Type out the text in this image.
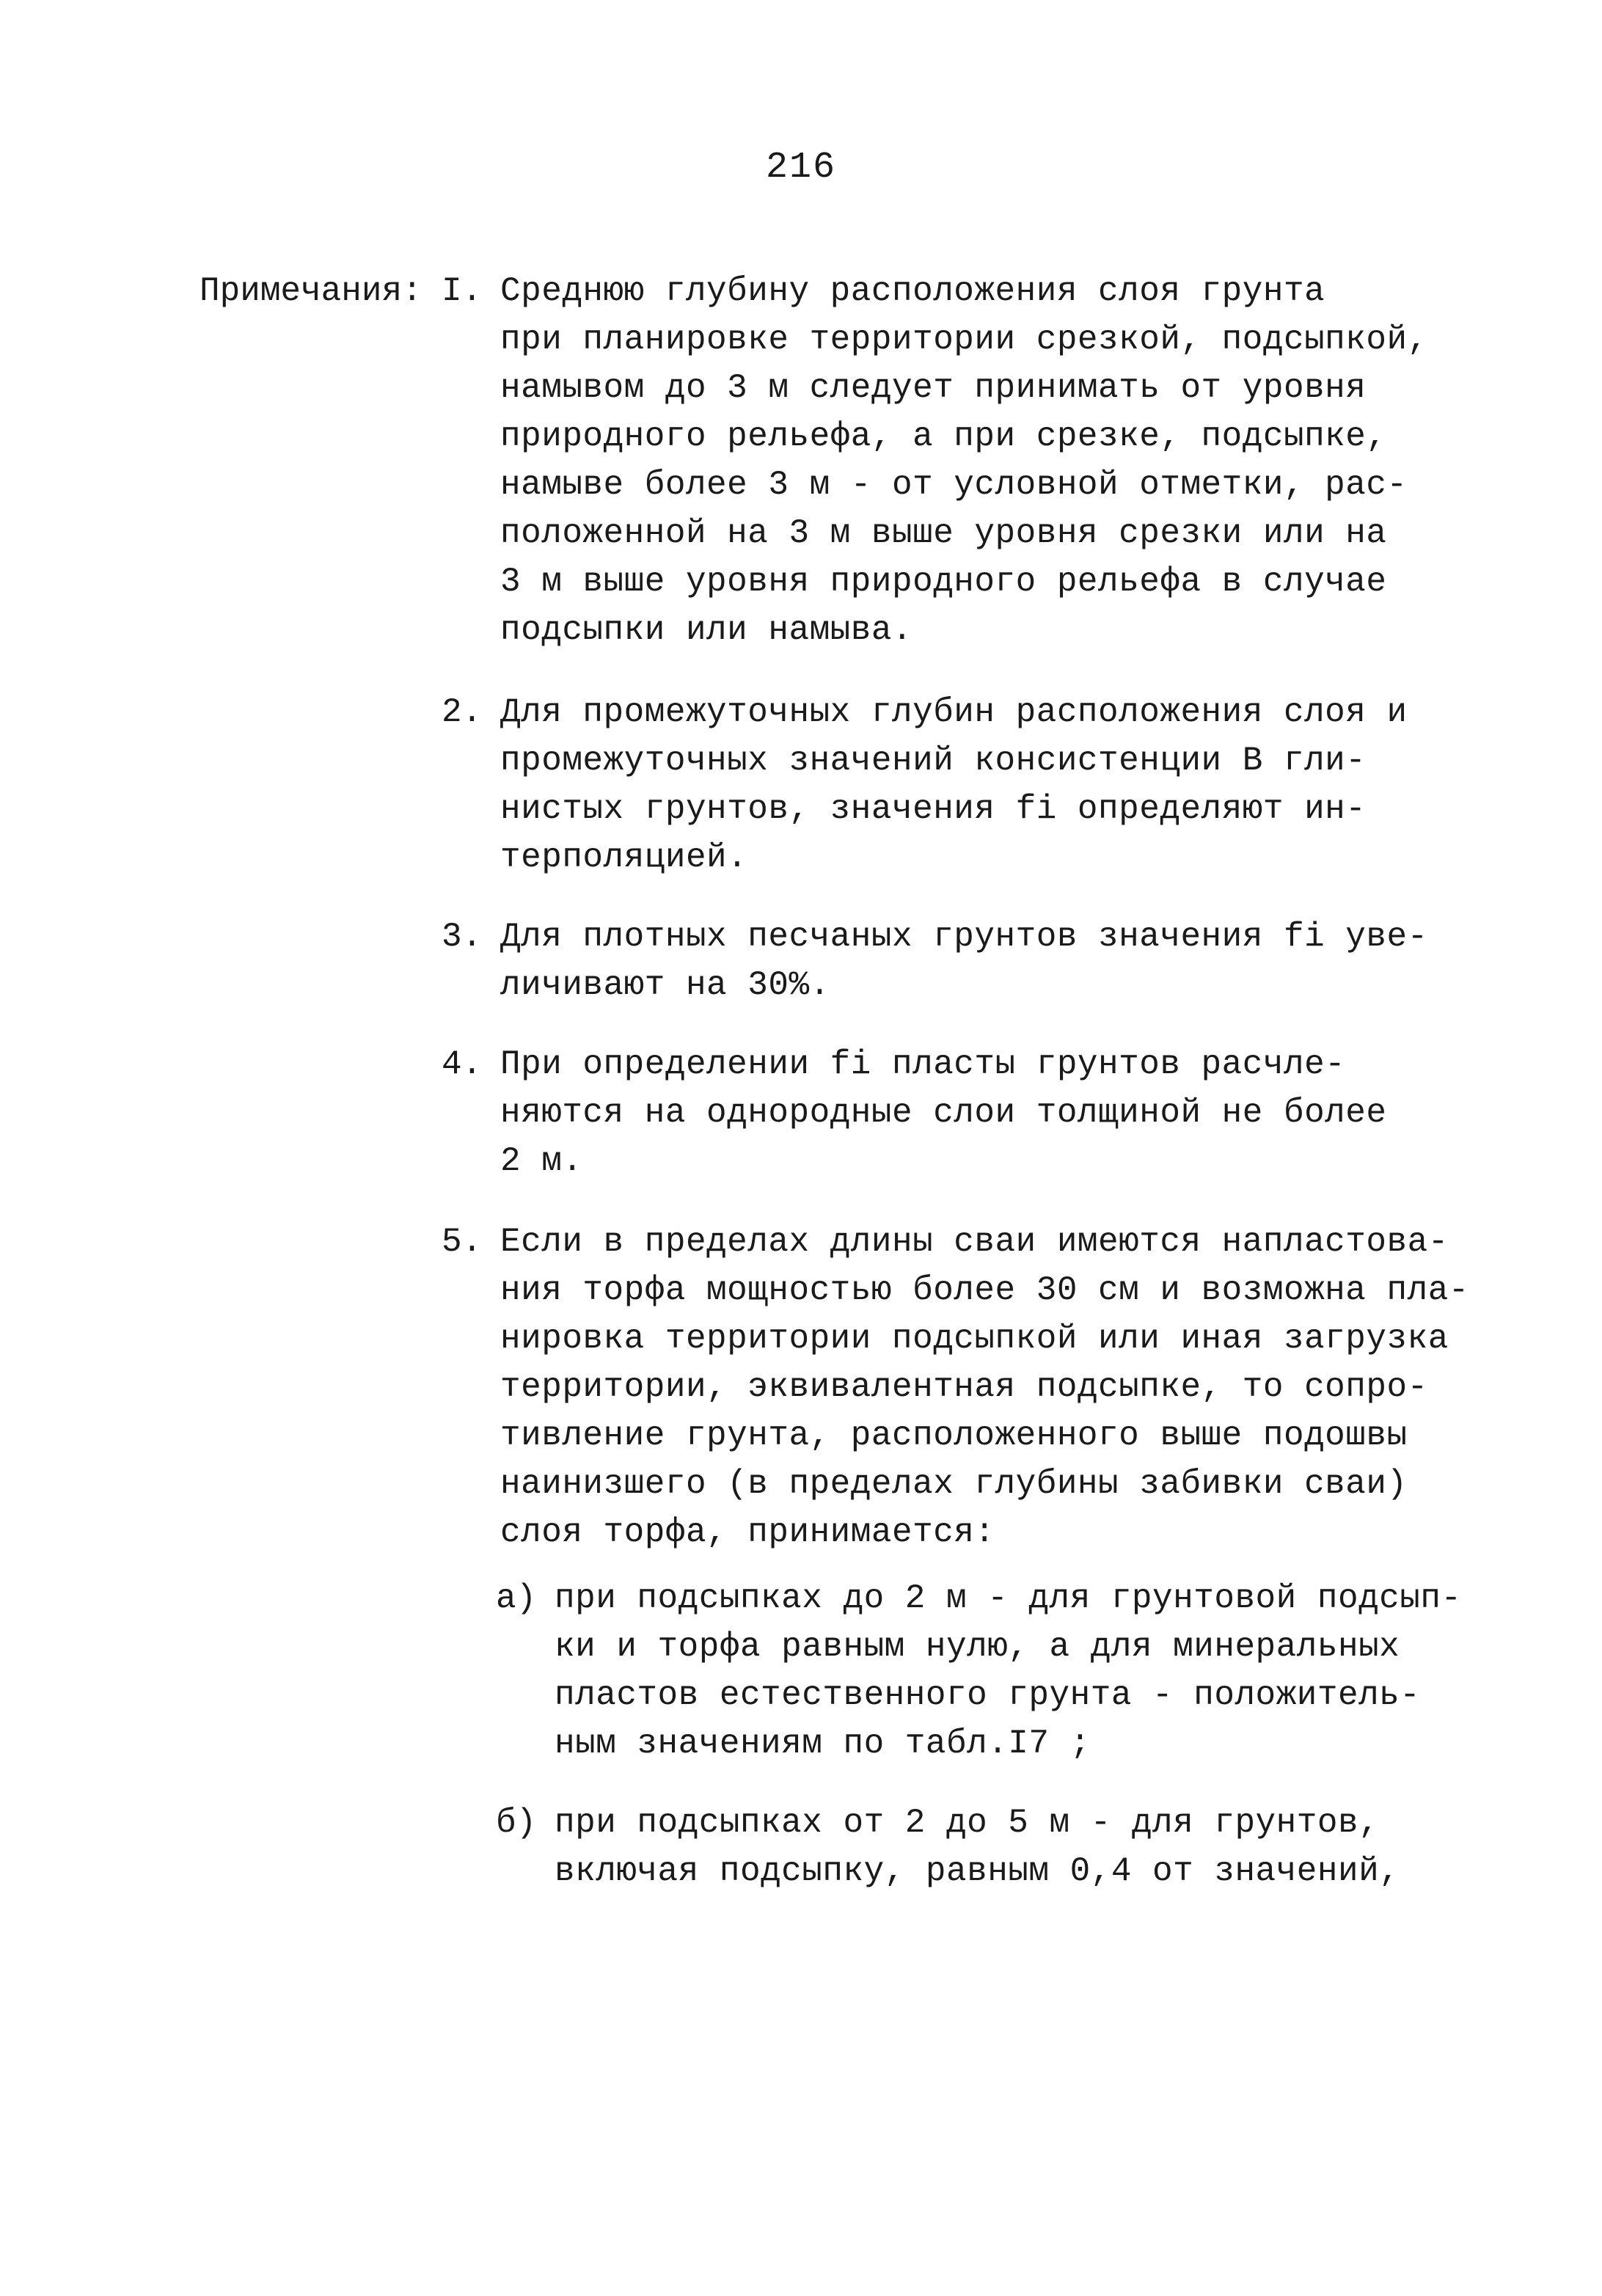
216
Примечания: I. Среднюю глубину расположения слоя грунта
при планировке территории срезкой, подсыпкой,
намывом до 3 м следует принимать от уровня
природного рельефа, а при срезке, подсыпке,
намыве более 3 м - от условной отметки, рас-
положенной на 3 м выше уровня срезки или на
3 м выше уровня природного рельефа в случае
подсыпки или намыва.
2. Для промежуточных глубин расположения слоя и
промежуточных значений консистенции В гли-
нистых грунтов, значения fi определяют ин-
терполяцией.
3. Для плотных песчаных грунтов значения fi уве-
личивают на 30%.
4. При определении fi пласты грунтов расчле-
няются на однородные слои толщиной не более
2 м.
5. Если в пределах длины сваи имеются напластова-
ния торфа мощностью более 30 см и возможна пла-
нировка территории подсыпкой или иная загрузка
территории, эквивалентная подсыпке, то сопро-
тивление грунта, расположенного выше подошвы
наинизшего (в пределах глубины забивки сваи)
слоя торфа, принимается:
а) при подсыпках до 2 м - для грунтовой подсып-
ки и торфа равным нулю, а для минеральных
пластов естественного грунта - положитель-
ным значениям по табл.I7 ;
б) при подсыпках от 2 до 5 м - для грунтов,
включая подсыпку, равным 0,4 от значений,
